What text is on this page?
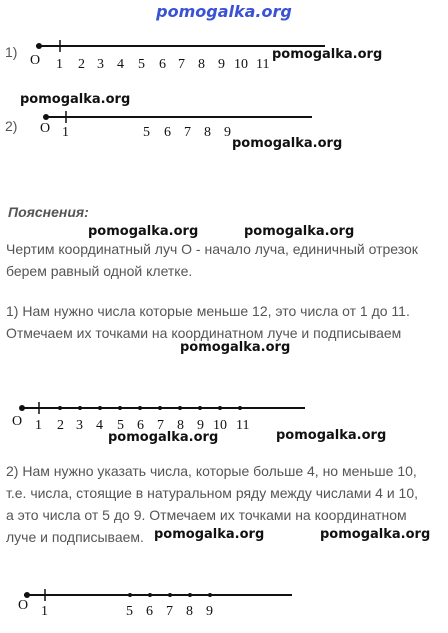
pomogalka.org
1)
O 1 2 3 4 5 6 7 8 9 10 11
pomogalka.org
pomogalka.org
2) O 1	5 6 7 8 9
pomogalka.org
Пояснения:
pomogalka.org	pomogalka.org
Чертим координатный луч О - начало луча, единичный отрезок берем равный одной клетке.
1) Нам нужно числа которые меньше 12, это числа от 1 до 11. Отмечаем их точками на координатном луче и подписываем
pomogalka.org
O 1 2 3 4 5 6 7 8 9 10 11
pomogalka.org	pomogalka.org
2) Нам нужно указать числа, которые больше 4, но меньше 10, т.е. числа, стоящие в натуральном ряду между числами 4 и 10, а это числа от 5 до 9. Отмечаем их точками на координатном луче и подписываем. pomogalka.org	pomogalka.org
O 1	5 6 7 8 9
